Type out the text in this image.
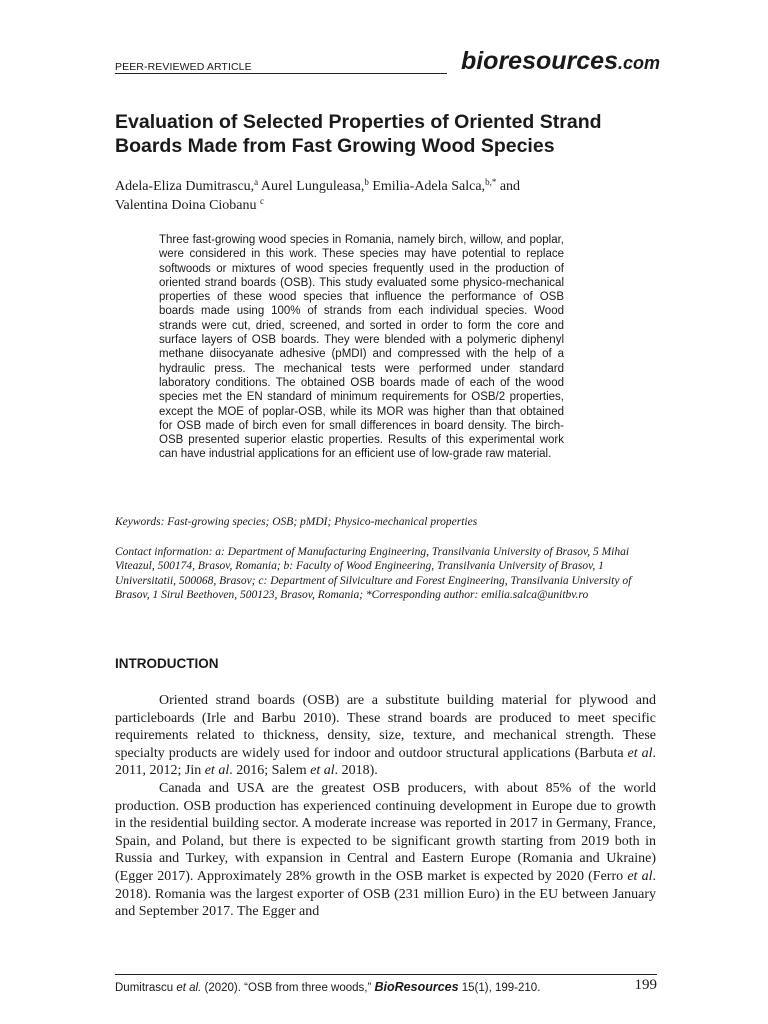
PEER-REVIEWED ARTICLE	bioresources.com
Evaluation of Selected Properties of Oriented Strand Boards Made from Fast Growing Wood Species
Adela-Eliza Dumitrascu,$^a$ Aurel Lunguleasa,$^b$ Emilia-Adela Salca,$^{b,*}$ and
Valentina Doina Ciobanu $^c$

Three fast-growing wood species in Romania, namely birch, willow, and poplar, were considered in this work. These species may have potential to replace softwoods or mixtures of wood species frequently used in the production of oriented strand boards (OSB). This study evaluated some physico-mechanical properties of these wood species that influence the performance of OSB boards made using 100% of strands from each individual species. Wood strands were cut, dried, screened, and sorted in order to form the core and surface layers of OSB boards. They were blended with a polymeric diphenyl methane diisocyanate adhesive (pMDI) and compressed with the help of a hydraulic press. The mechanical tests were performed under standard laboratory conditions. The obtained OSB boards made of each of the wood species met the EN standard of minimum requirements for OSB/2 properties, except the MOE of poplar-OSB, while its MOR was higher than that obtained for OSB made of birch even for small differences in board density. The birch-OSB presented superior elastic properties. Results of this experimental work can have industrial applications for an efficient use of low-grade raw material.

Keywords: Fast-growing species; OSB; pMDI; Physico-mechanical properties

Contact information: a: Department of Manufacturing Engineering, Transilvania University of Brasov, 5 Mihai Viteazul, 500174, Brasov, Romania; b: Faculty of Wood Engineering, Transilvania University of Brasov, 1 Universitatii, 500068, Brasov; c: Department of Silviculture and Forest Engineering, Transilvania University of Brasov, 1 Sirul Beethoven, 500123, Brasov, Romania; *Corresponding author: emilia.salca@unitbv.ro

INTRODUCTION

Oriented strand boards (OSB) are a substitute building material for plywood and particleboards (Irle and Barbu 2010). These strand boards are produced to meet specific requirements related to thickness, density, size, texture, and mechanical strength. These specialty products are widely used for indoor and outdoor structural applications (Barbuta et al. 2011, 2012; Jin et al. 2016; Salem et al. 2018).

Canada and USA are the greatest OSB producers, with about 85% of the world production. OSB production has experienced continuing development in Europe due to growth in the residential building sector. A moderate increase was reported in 2017 in Germany, France, Spain, and Poland, but there is expected to be significant growth starting from 2019 both in Russia and Turkey, with expansion in Central and Eastern Europe (Romania and Ukraine) (Egger 2017). Approximately 28% growth in the OSB market is expected by 2020 (Ferro et al. 2018). Romania was the largest exporter of OSB (231 million Euro) in the EU between January and September 2017. The Egger and

Dumitrascu et al. (2020). “OSB from three woods,” BioResources 15(1), 199-210.	199
